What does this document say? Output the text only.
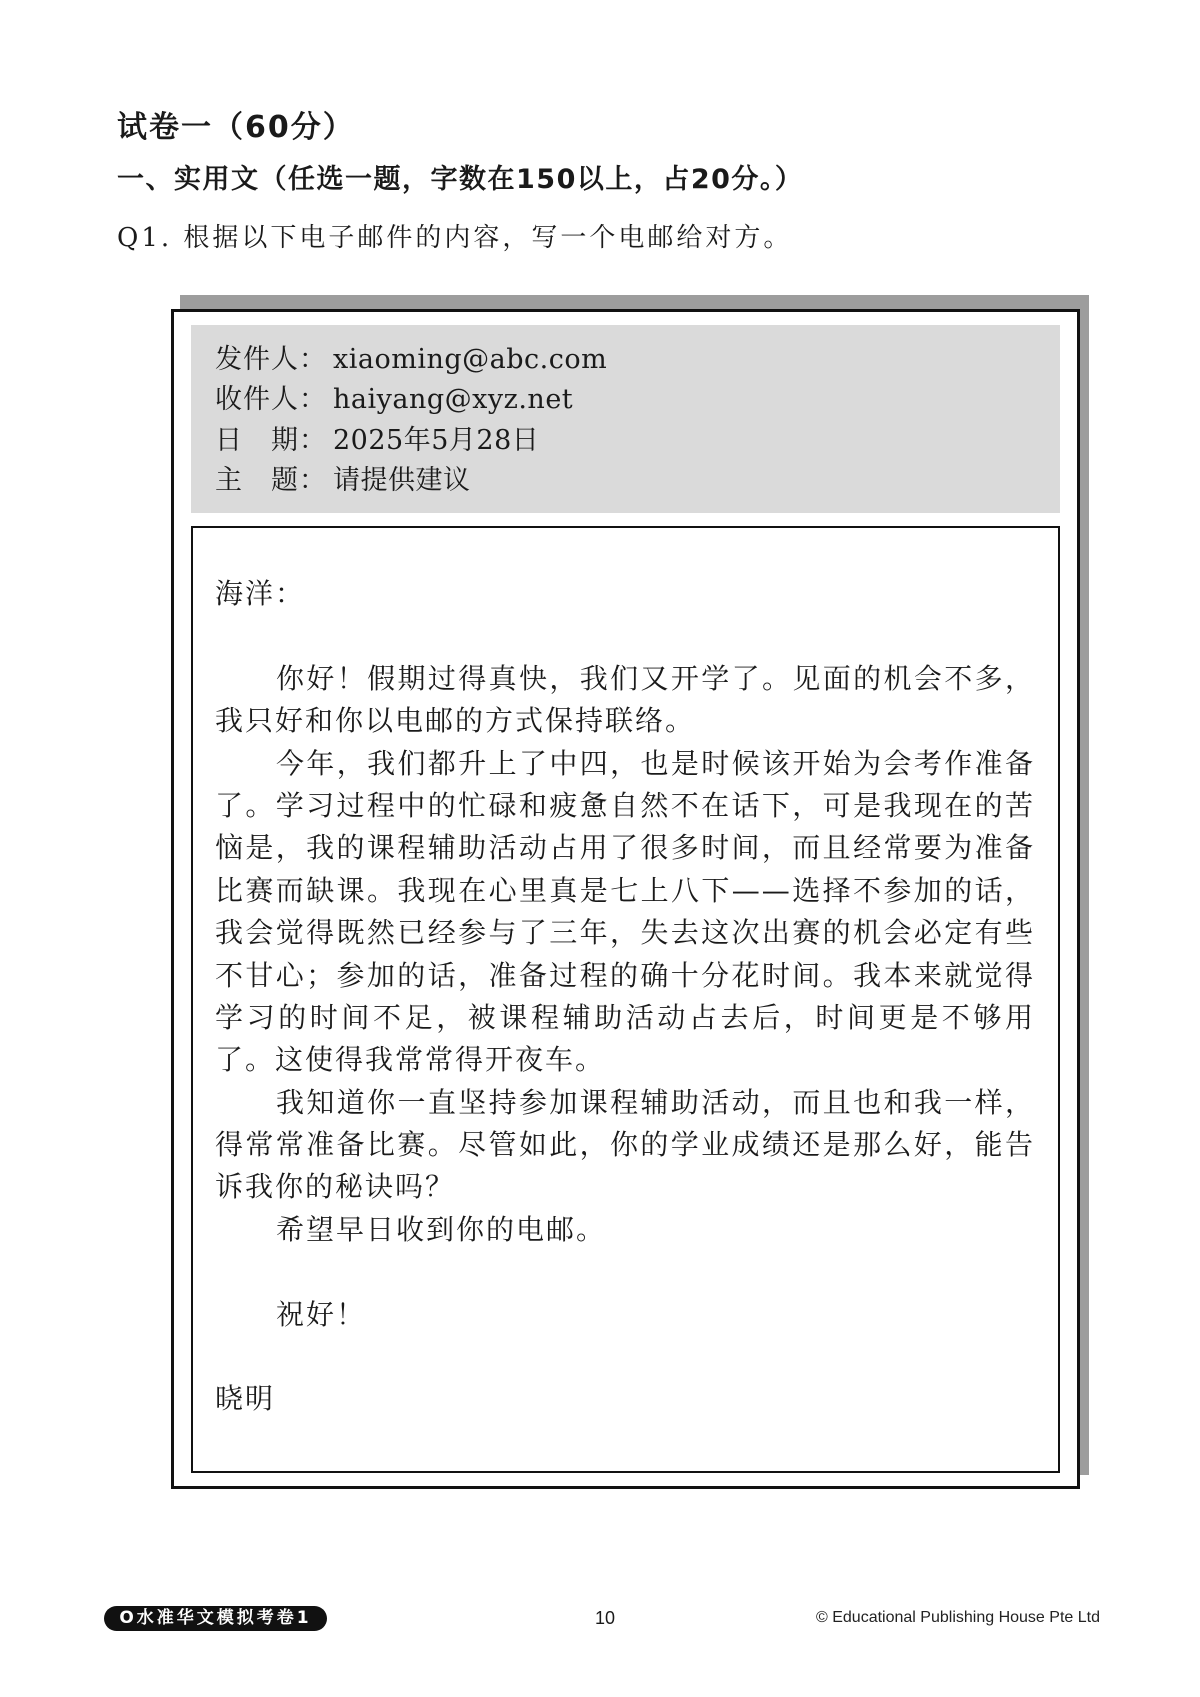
试卷一（60分）
一、实用文（任选一题，字数在150以上，占20分。）
Q1. 根据以下电子邮件的内容，写一个电邮给对方。
发件人： xiaoming@abc.com
收件人： haiyang@xyz.net
日　期： 2025年5月28日
主　题： 请提供建议
海洋：
你好！假期过得真快，我们又开学了。见面的机会不多，
我只好和你以电邮的方式保持联络。
今年，我们都升上了中四，也是时候该开始为会考作准备
了。学习过程中的忙碌和疲惫自然不在话下，可是我现在的苦
恼是，我的课程辅助活动占用了很多时间，而且经常要为准备
比赛而缺课。我现在心里真是七上八下——选择不参加的话，
我会觉得既然已经参与了三年，失去这次出赛的机会必定有些
不甘心；参加的话，准备过程的确十分花时间。我本来就觉得
学习的时间不足，被课程辅助活动占去后，时间更是不够用
了。这使得我常常得开夜车。
我知道你一直坚持参加课程辅助活动，而且也和我一样，
得常常准备比赛。尽管如此，你的学业成绩还是那么好，能告
诉我你的秘诀吗？
希望早日收到你的电邮。
祝好！
晓明
O水准华文模拟考卷1	10	© Educational Publishing House Pte Ltd
